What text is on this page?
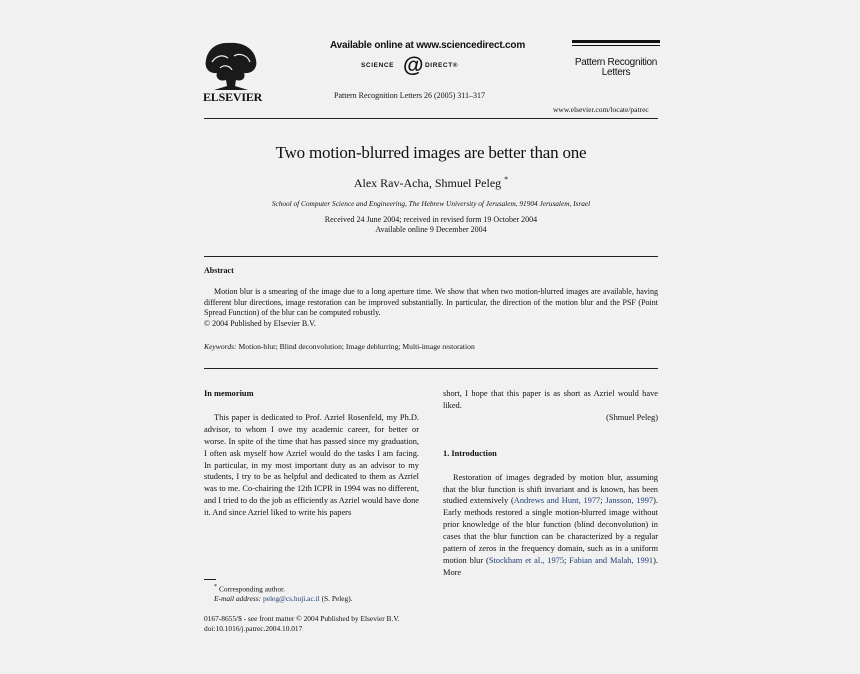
ELSEVIER
Available online at www.sciencedirect.com
SCIENCE @ DIRECT®
Pattern Recognition Letters 26 (2005) 311–317
Pattern Recognition
Letters
www.elsevier.com/locate/patrec
Two motion-blurred images are better than one
Alex Rav-Acha, Shmuel Peleg *
School of Computer Science and Engineering, The Hebrew University of Jerusalem, 91904 Jerusalem, Israel
Received 24 June 2004; received in revised form 19 October 2004
Available online 9 December 2004
Abstract

Motion blur is a smearing of the image due to a long aperture time. We show that when two motion-blurred images are available, having different blur directions, image restoration can be improved substantially. In particular, the direction of the motion blur and the PSF (Point Spread Function) of the blur can be computed robustly.

© 2004 Published by Elsevier B.V.
Keywords: Motion-blur; Blind deconvolution; Image deblurring; Multi-image restoration

In memorium

This paper is dedicated to Prof. Azriel Rosenfeld, my Ph.D. advisor, to whom I owe my academic career, for better or worse. In spite of the time that has passed since my graduation, I often ask myself how Azriel would do the tasks I am facing. In particular, in my most important duty as an advisor to my students, I try to be as helpful and dedicated to them as Azriel was to me. Co-chairing the 12th ICPR in 1994 was no different, and I tried to do the job as efficiently as Azriel would have done it. And since Azriel liked to write his papers

short, I hope that this paper is as short as Azriel would have liked.

(Shmuel Peleg)

1. Introduction

Restoration of images degraded by motion blur, assuming that the blur function is shift invariant and is known, has been studied extensively (Andrews and Hunt, 1977; Jansson, 1997). Early methods restored a single motion-blurred image without prior knowledge of the blur function (blind deconvolution) in cases that the blur function can be characterized by a regular pattern of zeros in the frequency domain, such as in a uniform motion blur (Stockham et al., 1975; Fabian and Malah, 1991). More

* Corresponding author.
E-mail address: peleg@cs.huji.ac.il (S. Peleg).
0167-8655/$ - see front matter © 2004 Published by Elsevier B.V.
doi:10.1016/j.patrec.2004.10.017
